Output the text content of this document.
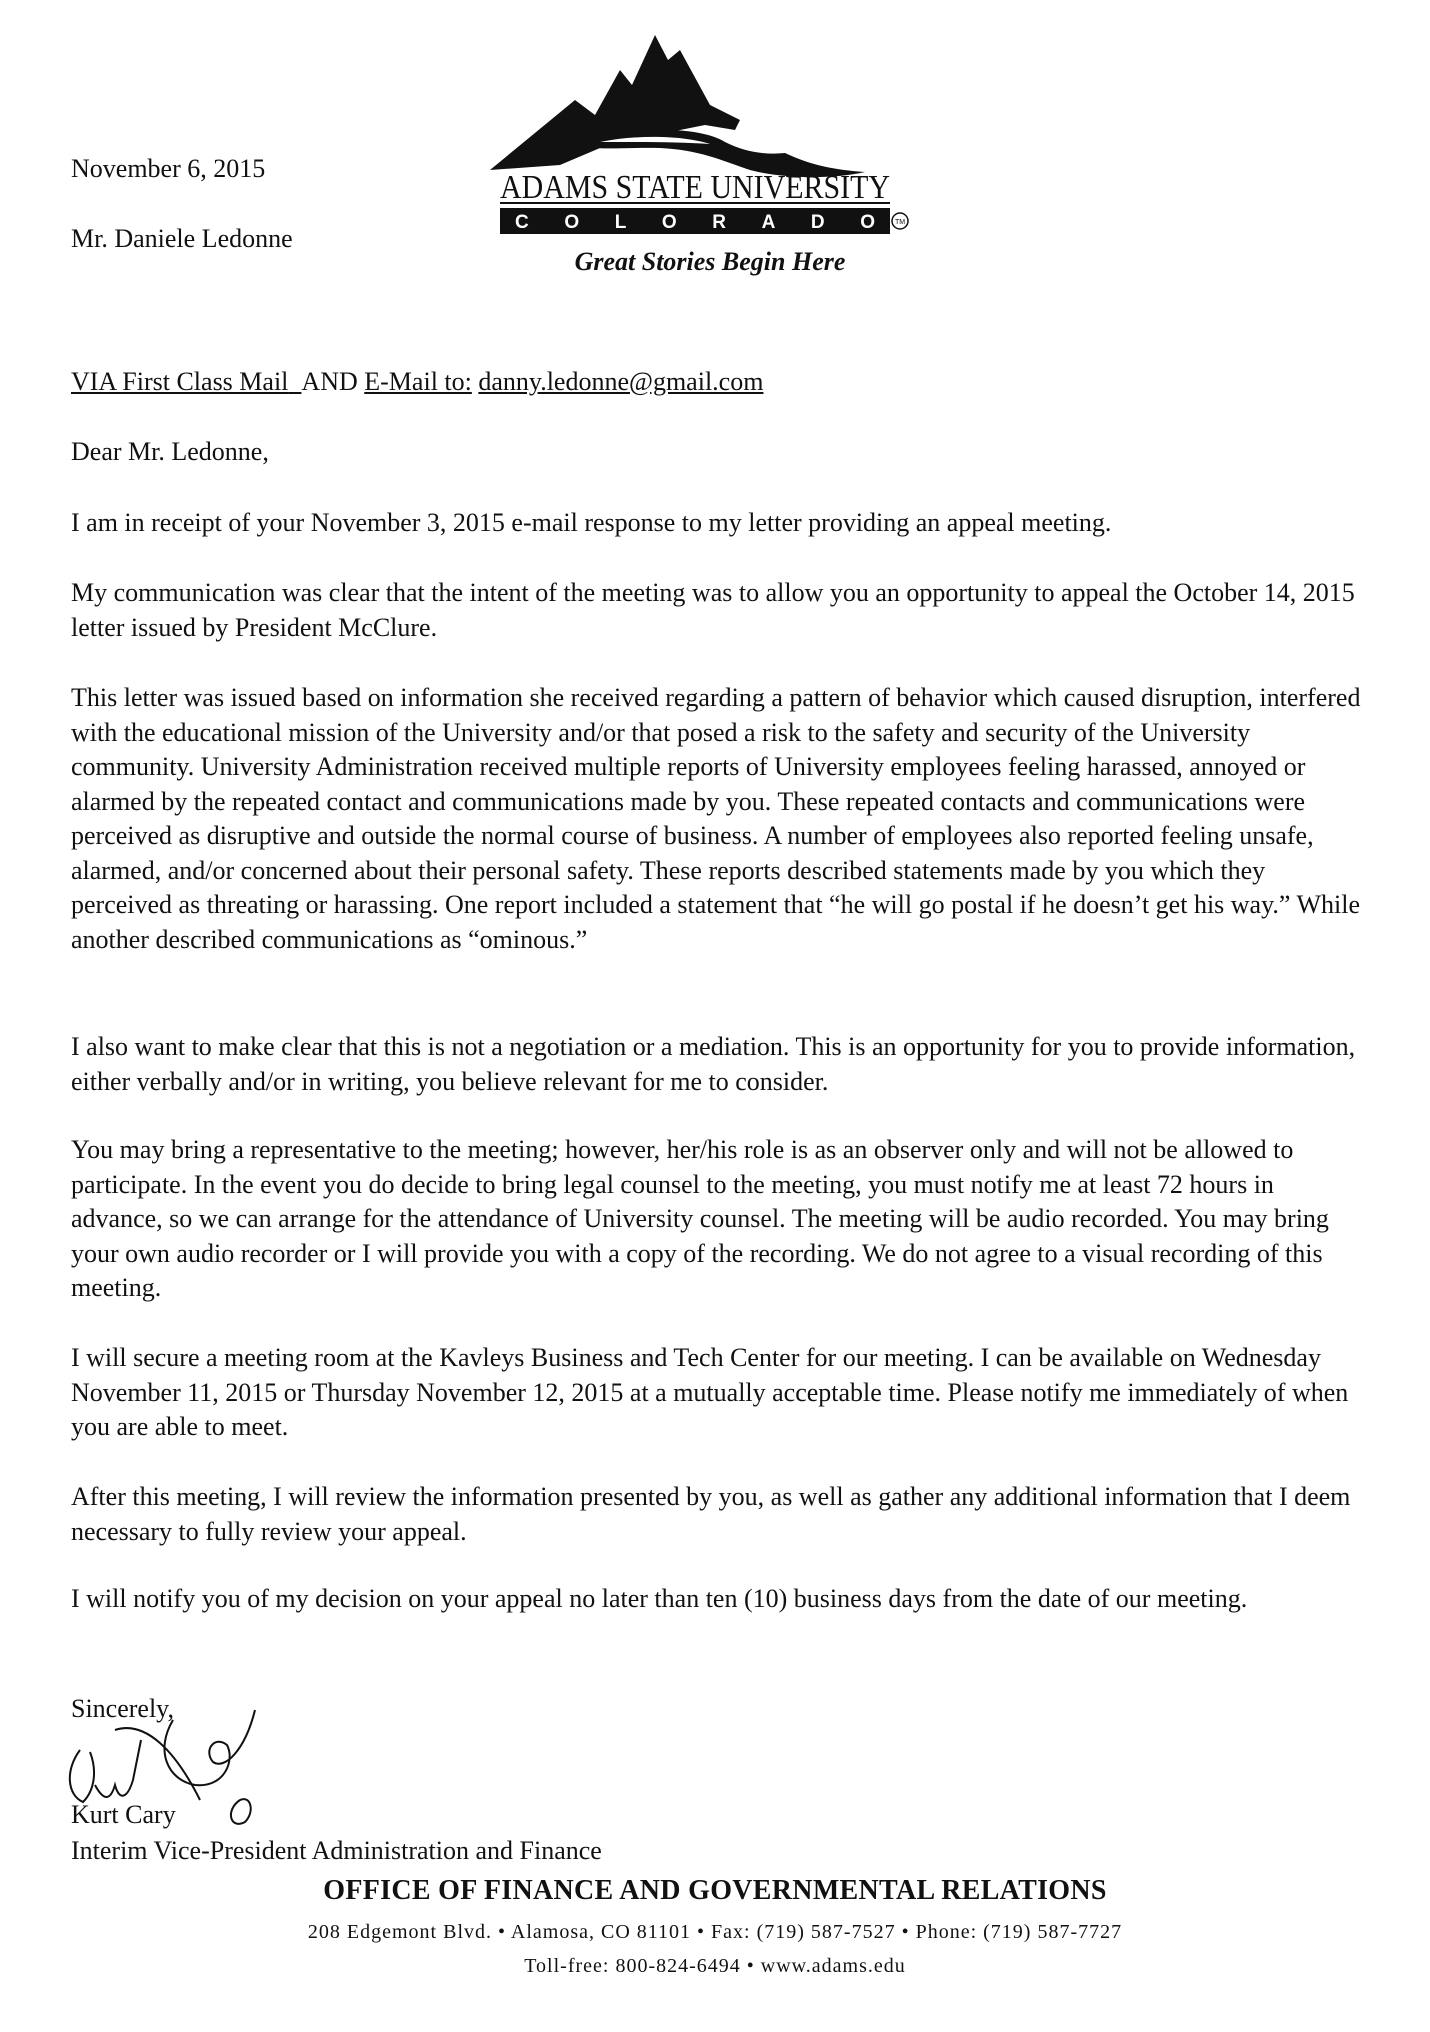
November 6, 2015
Mr. Daniele Ledonne
ADAMS STATE UNIVERSITY
COLORADO	TM
Great Stories Begin Here
VIA First Class Mail  AND E-Mail to: danny.ledonne@gmail.com
Dear Mr. Ledonne,
I am in receipt of your November 3, 2015 e-mail response to my letter providing an appeal meeting.
My communication was clear that the intent of the meeting was to allow you an opportunity to appeal the October 14, 2015 letter issued by President McClure.
This letter was issued based on information she received regarding a pattern of behavior which caused disruption, interfered with the educational mission of the University and/or that posed a risk to the safety and security of the University community. University Administration received multiple reports of University employees feeling harassed, annoyed or alarmed by the repeated contact and communications made by you. These repeated contacts and communications were perceived as disruptive and outside the normal course of business. A number of employees also reported feeling unsafe, alarmed, and/or concerned about their personal safety. These reports described statements made by you which they perceived as threating or harassing. One report included a statement that “he will go postal if he doesn’t get his way.” While another described communications as “ominous.”
I also want to make clear that this is not a negotiation or a mediation. This is an opportunity for you to provide information, either verbally and/or in writing, you believe relevant for me to consider.
You may bring a representative to the meeting; however, her/his role is as an observer only and will not be allowed to participate. In the event you do decide to bring legal counsel to the meeting, you must notify me at least 72 hours in advance, so we can arrange for the attendance of University counsel. The meeting will be audio recorded. You may bring your own audio recorder or I will provide you with a copy of the recording. We do not agree to a visual recording of this meeting.
I will secure a meeting room at the Kavleys Business and Tech Center for our meeting. I can be available on Wednesday November 11, 2015 or Thursday November 12, 2015 at a mutually acceptable time. Please notify me immediately of when you are able to meet.
After this meeting, I will review the information presented by you, as well as gather any additional information that I deem necessary to fully review your appeal.
I will notify you of my decision on your appeal no later than ten (10) business days from the date of our meeting.
Sincerely,
Kurt Cary
Interim Vice-President Administration and Finance
OFFICE OF FINANCE AND GOVERNMENTAL RELATIONS
208 Edgemont Blvd. • Alamosa, CO 81101 • Fax: (719) 587-7527 • Phone: (719) 587-7727
Toll-free: 800-824-6494 • www.adams.edu
